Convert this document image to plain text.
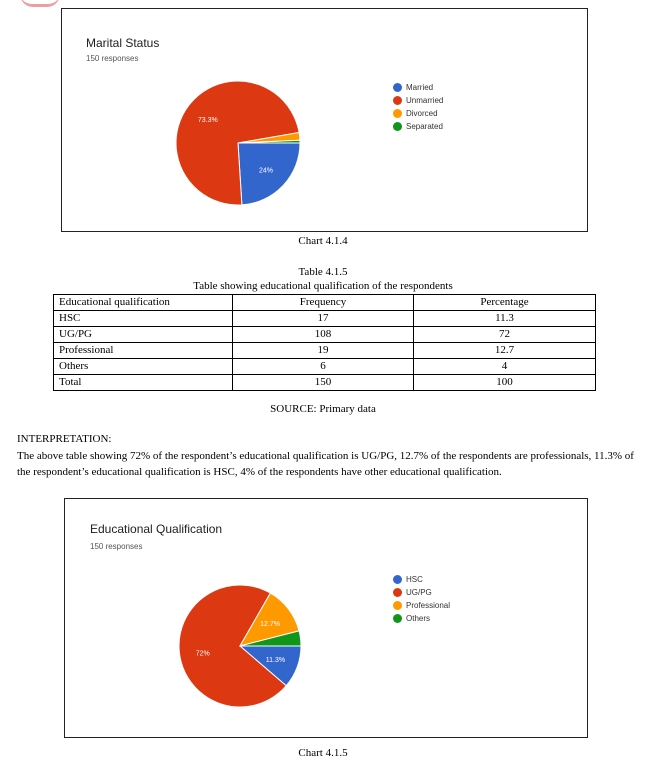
Marital Status
150 responses
24%
73.3%
Married
Unmarried
Divorced
Separated
Chart 4.1.4
Table 4.1.5
Table showing educational qualification of the respondents
Educational qualification	Frequency	Percentage
HSC	17	11.3
UG/PG	108	72
Professional	19	12.7
Others	6	4
Total	150	100
SOURCE: Primary data
INTERPRETATION:
The above table showing 72% of the respondent’s educational qualification is UG/PG, 12.7% of the respondents are professionals, 11.3% of the respondent’s educational qualification is HSC, 4% of the respondents have other educational qualification.
Educational Qualification
150 responses
11.3%
72%
12.7%
HSC
UG/PG
Professional
Others
Chart 4.1.5
